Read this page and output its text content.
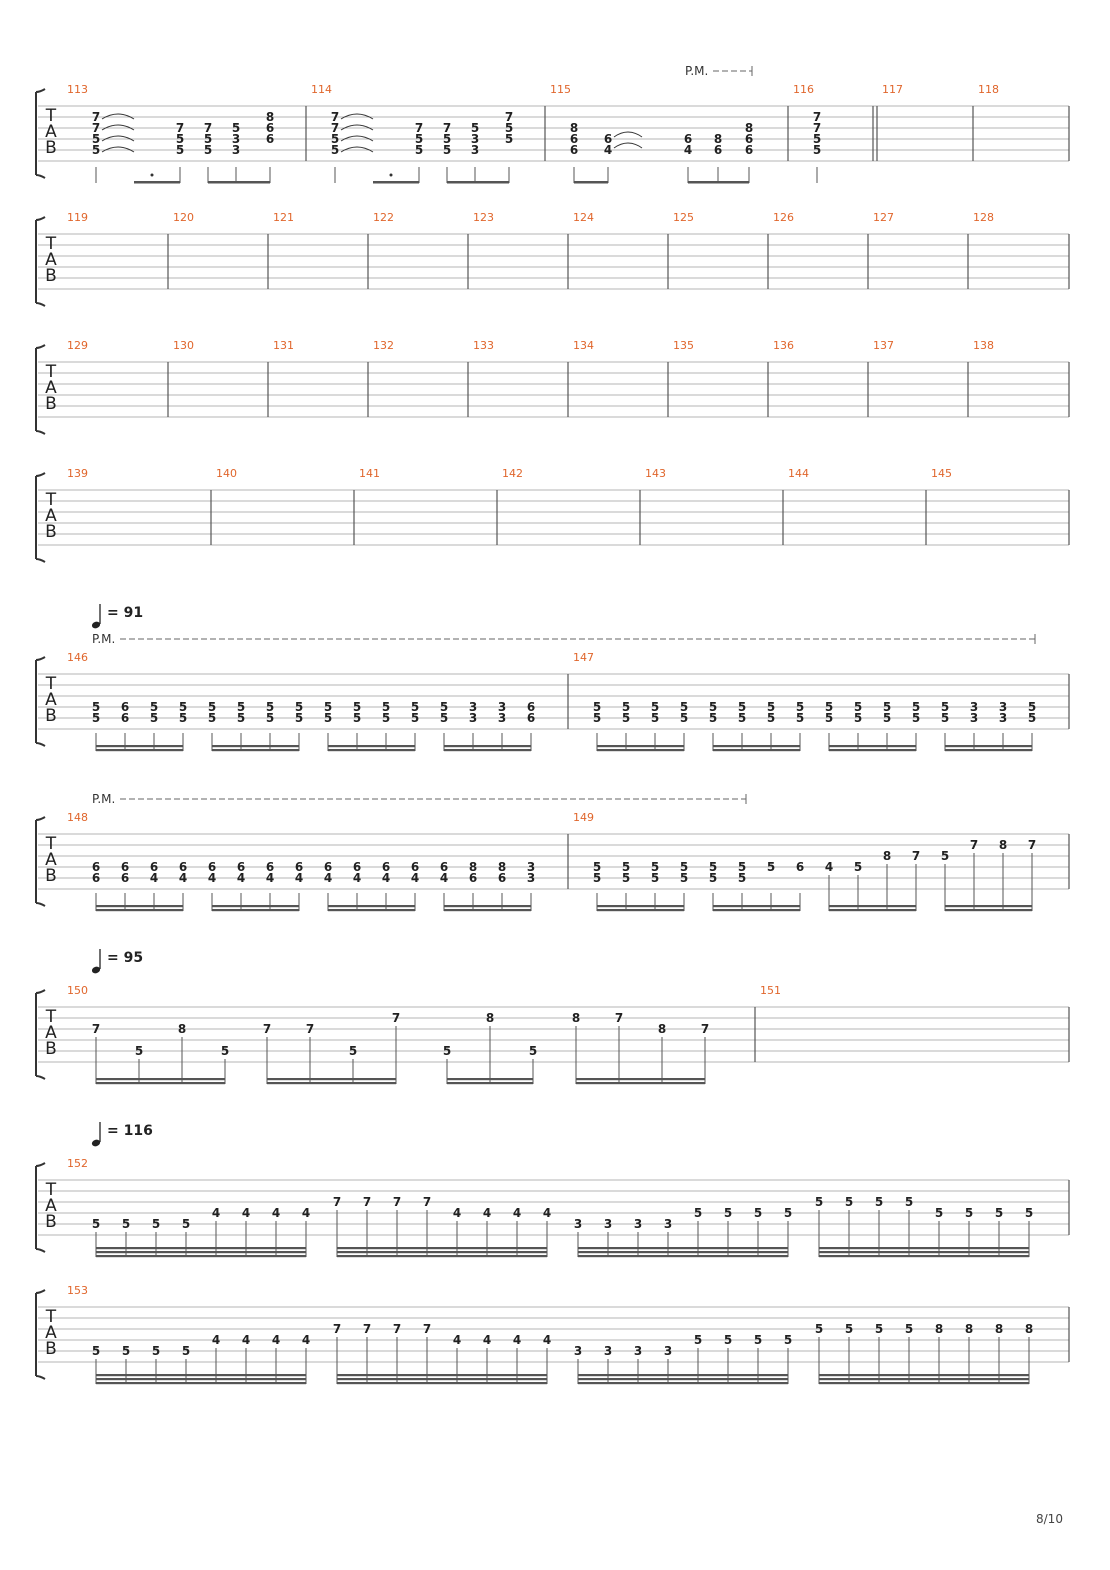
T
A
B
P.M.
113
7
7
5
5
7
5
5
7
5
5
5
3
3
8
6
6
114
7
7
5
5
7
5
5
7
5
5
5
3
3
7
5
5
115
8
6
6
6
4
6
4
8
6
8
6
6
116
7
7
5
5
117	118
T
A
B
119	120	121	122	123	124	125	126	127	128
T
A
B
129	130	131	132	133	134	135	136	137	138
T
A
B
139	140	141	142	143	144	145
T
A
B
P.M.
146
5
5
6
6
5
5
5
5
5
5
5
5
5
5
5
5
5
5
5
5
5
5
5
5
5
5
3
3
3
3
6
6
147
5
5
5
5
5
5
5
5
5
5
5
5
5
5
5
5
5
5
5
5
5
5
5
5
5
5
3
3
3
3
5
5
T
A
B
P.M.
148
6
6
6
6
6
4
6
4
6
4
6
4
6
4
6
4
6
4
6
4
6
4
6
4
6
4
8
6
8
6
3
3
149
5
5
5
5
5
5
5
5
5
5
5
5
5 6 4 5
8 7 5
7 8 7
T
A
B
150
7
5
8
5
7	7
5
7
5
8
5
8	7
8	7
151
T
A
B
152
5 5 5 5
4 4 4 4
7 7 7 7
4 4 4 4
3 3 3 3
5 5 5 5
5 5 5 5
5 5 5 5
T
A
B
153
5 5 5 5
4 4 4 4
7 7 7 7
4 4 4 4
3 3 3 3
5 5 5 5
5 5 5 5 8 8 8 8
= 91
= 95
= 116
8/10
